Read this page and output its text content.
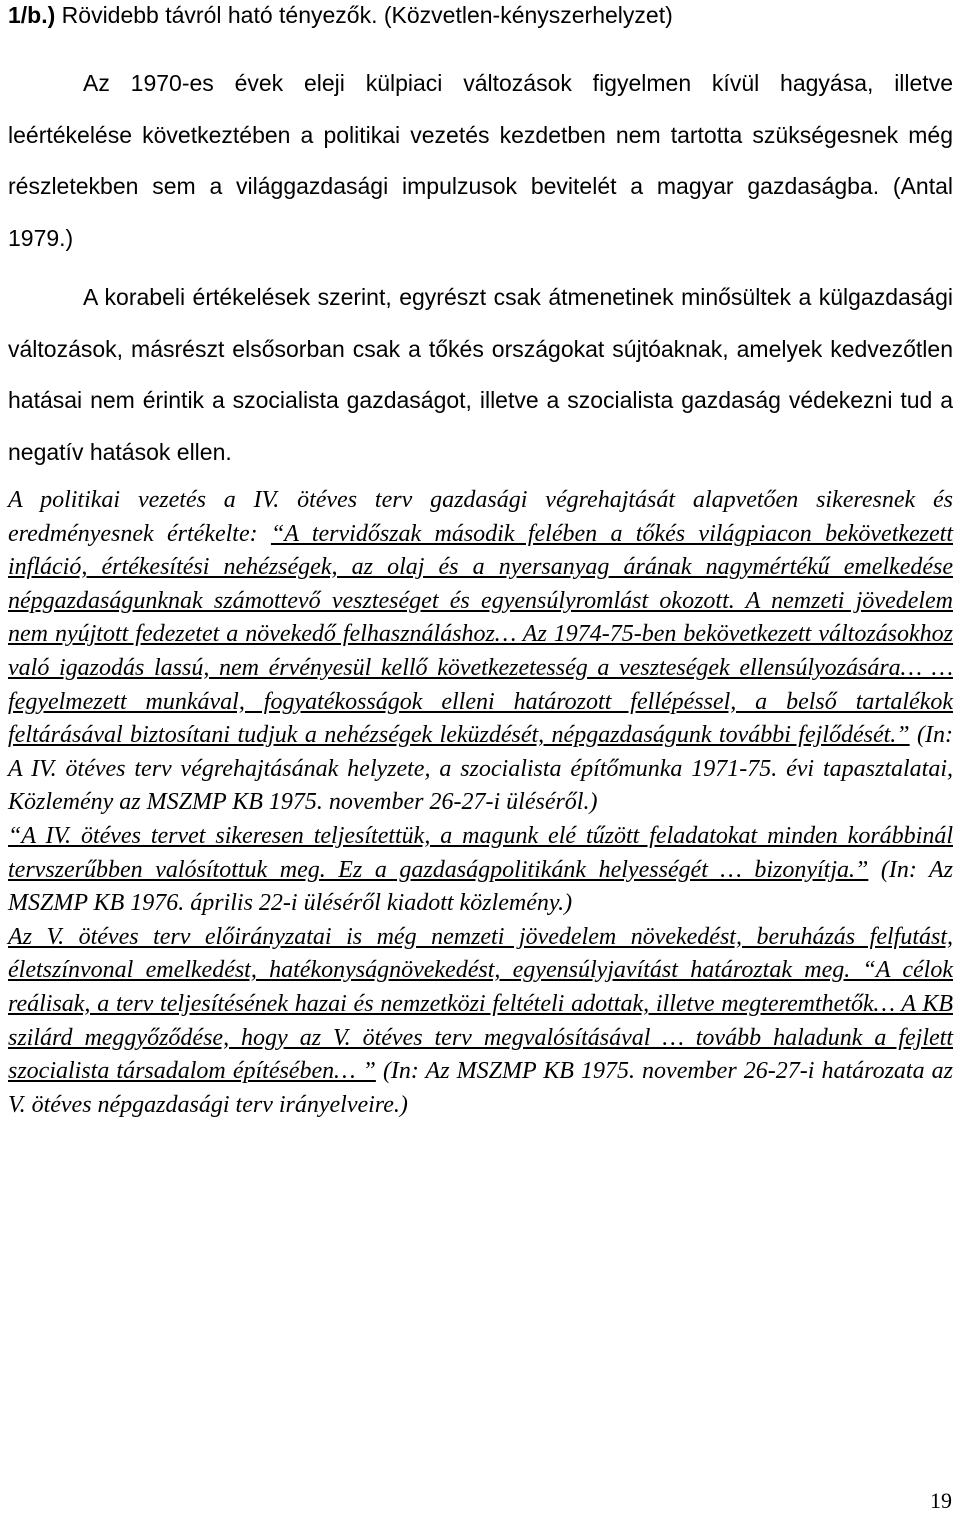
1/b.) Rövidebb távról ható tényezők. (Közvetlen-kényszerhelyzet)
Az 1970-es évek eleji külpiaci változások figyelmen kívül hagyása, illetve leértékelése következtében a politikai vezetés kezdetben nem tartotta szükségesnek még részletekben sem a világgazdasági impulzusok bevitelét a magyar gazdaságba. (Antal 1979.)
A korabeli értékelések szerint, egyrészt csak átmenetinek minősültek a külgazdasági változások, másrészt elsősorban csak a tőkés országokat sújtóaknak, amelyek kedvezőtlen hatásai nem érintik a szocialista gazdaságot, illetve a szocialista gazdaság védekezni tud a negatív hatások ellen.
A politikai vezetés a IV. ötéves terv gazdasági végrehajtását alapvetően sikeresnek és eredményesnek értékelte: “A tervidőszak második felében a tőkés világpiacon bekövetkezett infláció, értékesítési nehézségek, az olaj és a nyersanyag árának nagymértékű emelkedése népgazdaságunknak számottevő veszteséget és egyensúlyromlást okozott. A nemzeti jövedelem nem nyújtott fedezetet a növekedő felhasználáshoz… Az 1974-75-ben bekövetkezett változásokhoz való igazodás lassú, nem érvényesül kellő következetesség a veszteségek ellensúlyozására… … fegyelmezett munkával, fogyatékosságok elleni határozott fellépéssel, a belső tartalékok feltárásával biztosítani tudjuk a nehézségek leküzdését, népgazdaságunk további fejlődését.” (In: A IV. ötéves terv végrehajtásának helyzete, a szocialista építőmunka 1971-75. évi tapasztalatai, Közlemény az MSZMP KB 1975. november 26-27-i üléséről.)
“A IV. ötéves tervet sikeresen teljesítettük, a magunk elé tűzött feladatokat minden korábbinál tervszerűbben valósítottuk meg. Ez a gazdaságpolitikánk helyességét … bizonyítja.” (In: Az MSZMP KB 1976. április 22-i üléséről kiadott közlemény.)
Az V. ötéves terv előirányzatai is még nemzeti jövedelem növekedést, beruházás felfutást, életszínvonal emelkedést, hatékonyságnövekedést, egyensúlyjavítást határoztak meg. “A célok reálisak, a terv teljesítésének hazai és nemzetközi feltételi adottak, illetve megteremthetők… A KB szilárd meggyőződése, hogy az V. ötéves terv megvalósításával … tovább haladunk a fejlett szocialista társadalom építésében… ” (In: Az MSZMP KB 1975. november 26-27-i határozata az V. ötéves népgazdasági terv irányelveire.)
19
